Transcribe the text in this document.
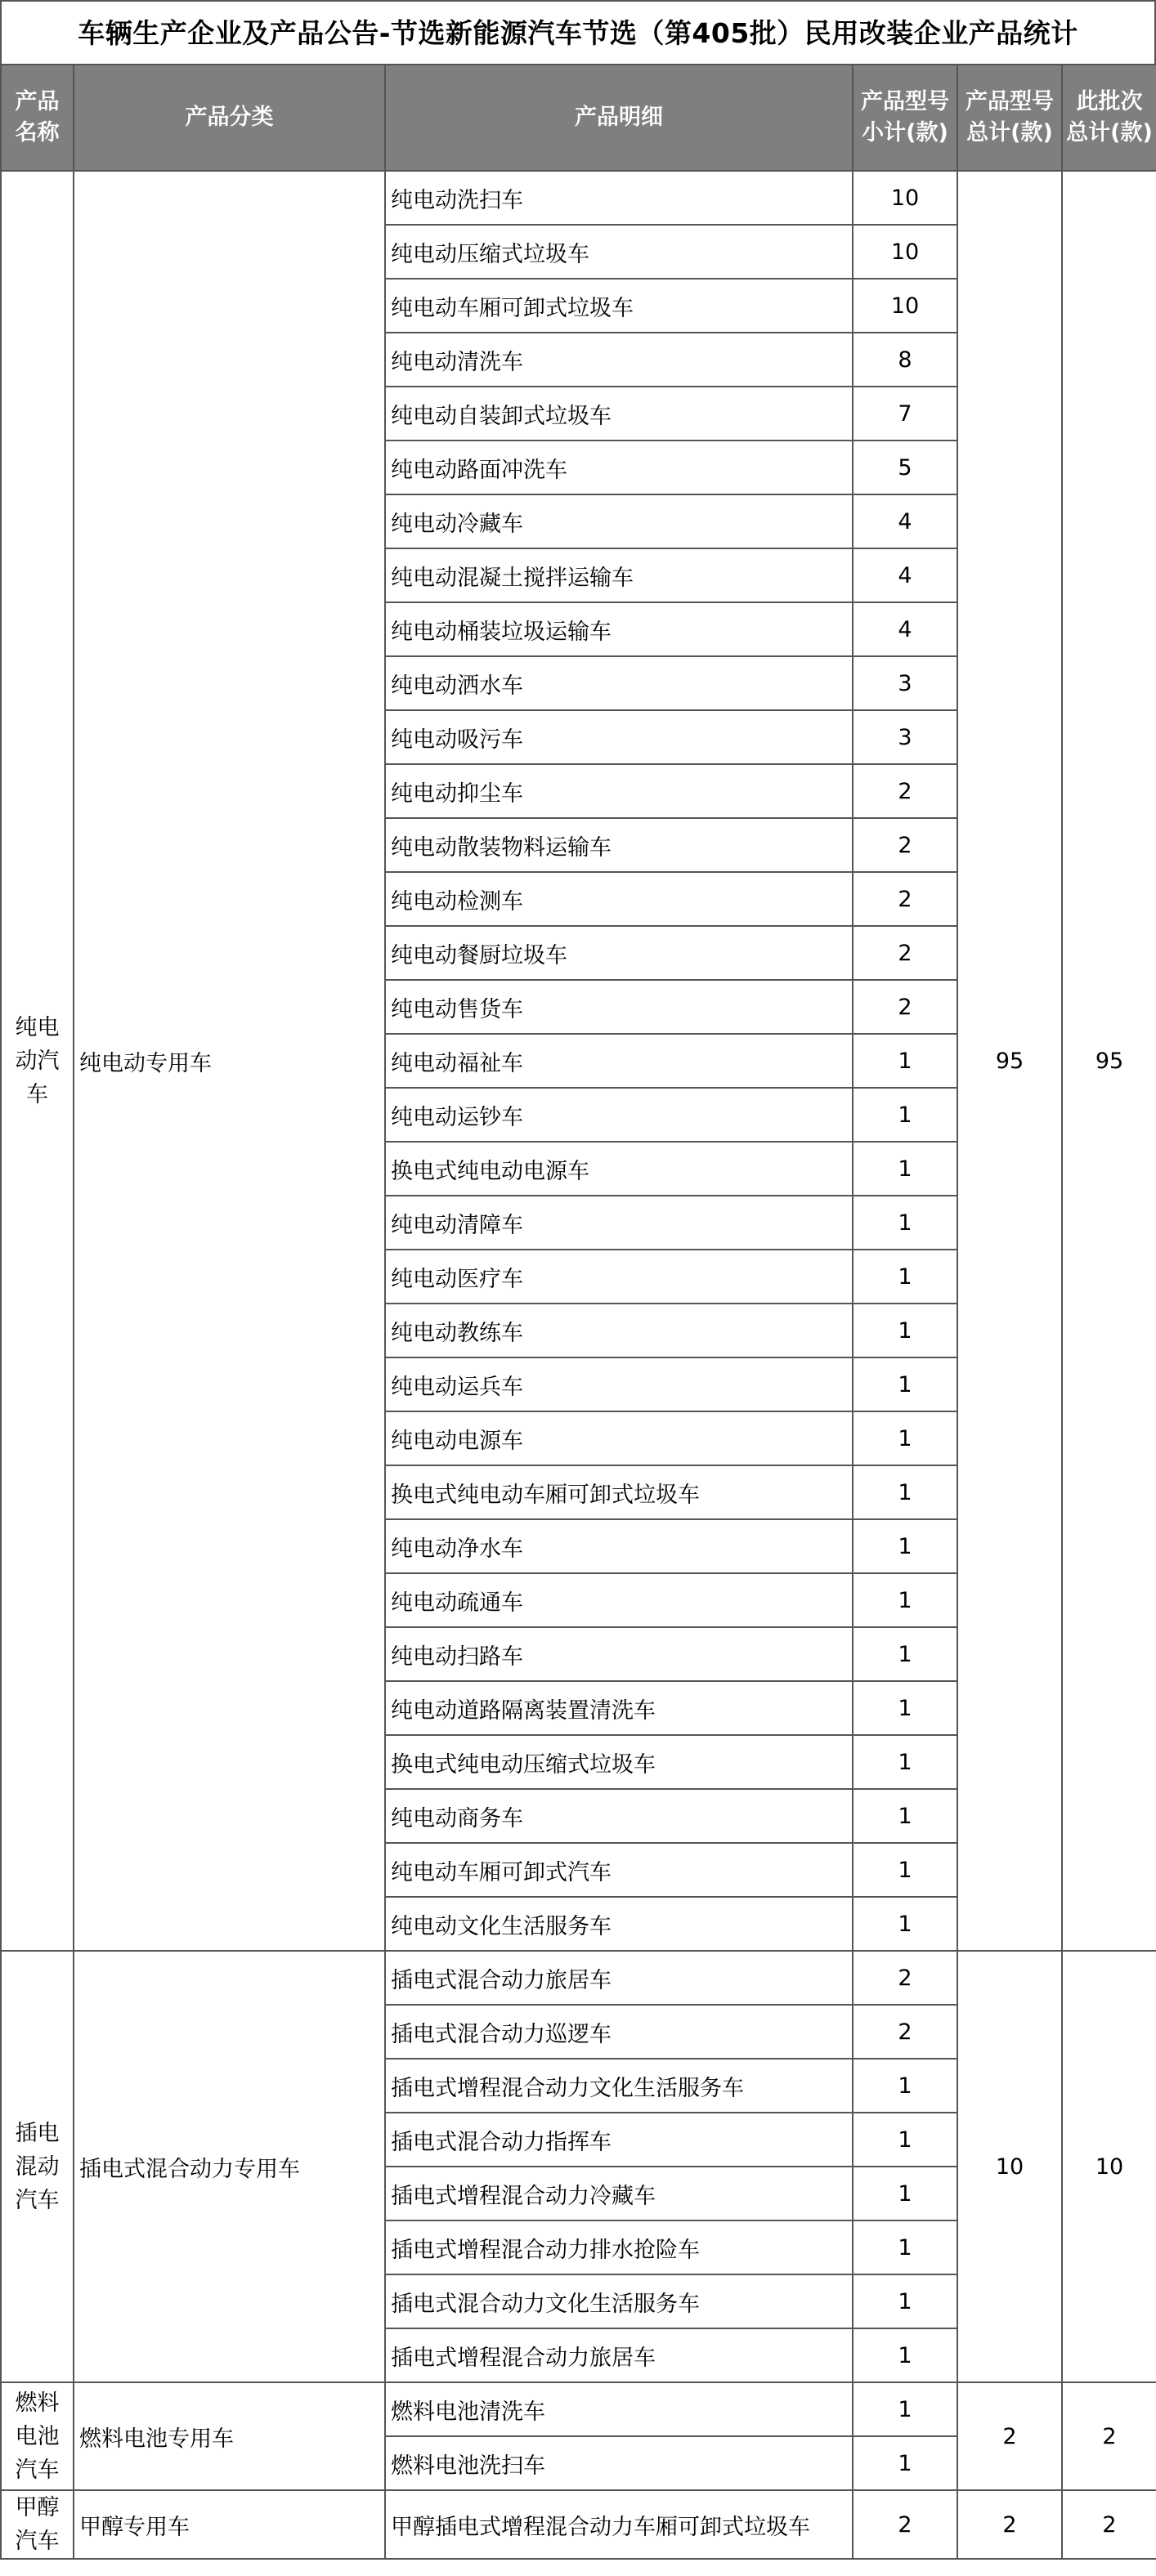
车辆生产企业及产品公告-节选新能源汽车节选（第405批）民用改装企业产品统计
产品名称	产品分类	产品明细	产品型号小计(款)	产品型号总计(款)	此批次总计(款)
纯电动汽车	纯电动专用车	纯电动洗扫车	10	95	95
		纯电动压缩式垃圾车	10		
		纯电动车厢可卸式垃圾车	10		
		纯电动清洗车	8		
		纯电动自装卸式垃圾车	7		
		纯电动路面冲洗车	5		
		纯电动冷藏车	4		
		纯电动混凝土搅拌运输车	4		
		纯电动桶装垃圾运输车	4		
		纯电动洒水车	3		
		纯电动吸污车	3		
		纯电动抑尘车	2		
		纯电动散装物料运输车	2		
		纯电动检测车	2		
		纯电动餐厨垃圾车	2		
		纯电动售货车	2		
		纯电动福祉车	1		
		纯电动运钞车	1		
		换电式纯电动电源车	1		
		纯电动清障车	1		
		纯电动医疗车	1		
		纯电动教练车	1		
		纯电动运兵车	1		
		纯电动电源车	1		
		换电式纯电动车厢可卸式垃圾车	1		
		纯电动净水车	1		
		纯电动疏通车	1		
		纯电动扫路车	1		
		纯电动道路隔离装置清洗车	1		
		换电式纯电动压缩式垃圾车	1		
		纯电动商务车	1		
		纯电动车厢可卸式汽车	1		
		纯电动文化生活服务车	1		
插电混动汽车	插电式混合动力专用车	插电式混合动力旅居车	2	10	10
		插电式混合动力巡逻车	2		
		插电式增程混合动力文化生活服务车	1		
		插电式混合动力指挥车	1		
		插电式增程混合动力冷藏车	1		
		插电式增程混合动力排水抢险车	1		
		插电式混合动力文化生活服务车	1		
		插电式增程混合动力旅居车	1		
燃料电池汽车	燃料电池专用车	燃料电池清洗车	1	2	2
		燃料电池洗扫车	1		
甲醇汽车	甲醇专用车	甲醇插电式增程混合动力车厢可卸式垃圾车	2	2	2
